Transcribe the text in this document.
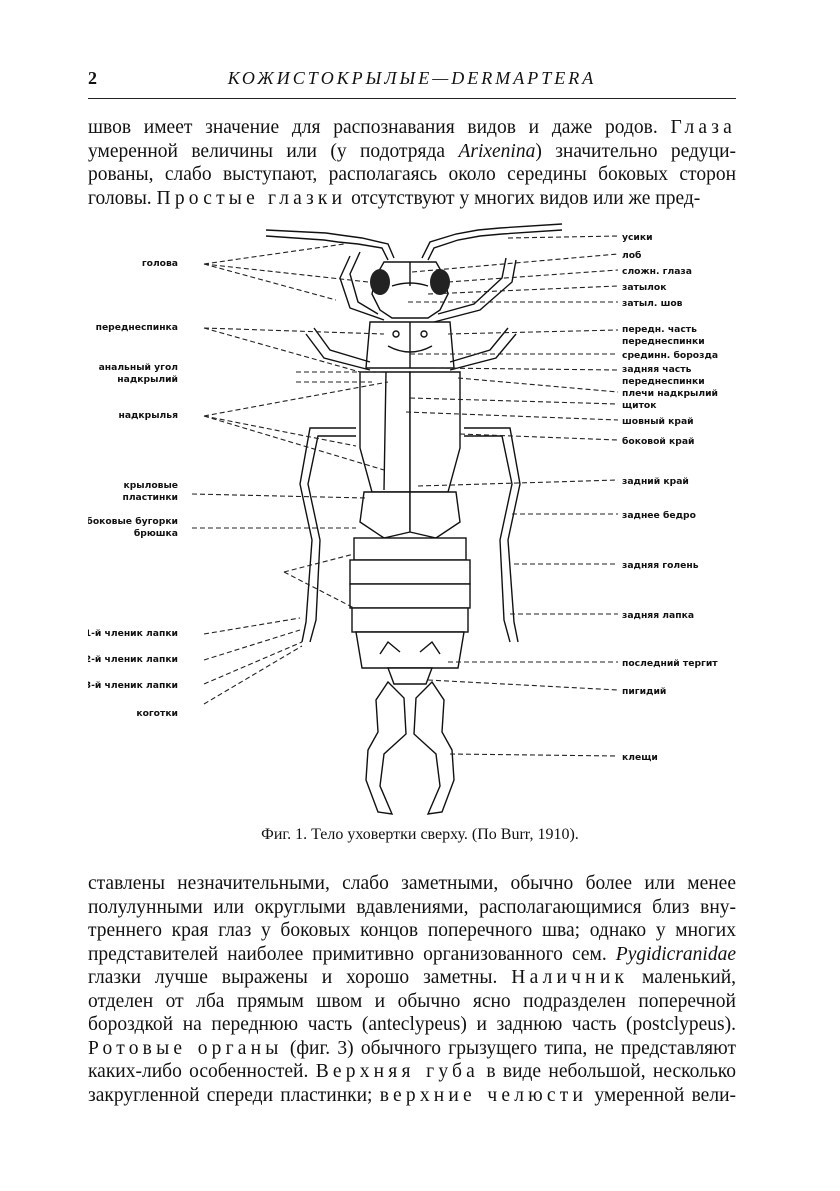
2	КОЖИСТОКРЫЛЫЕ—DERMAPTERA
швов имеет значение для распознавания видов и даже родов. Глаза
умеренной величины или (у подотряда Arixenina) значительно редуци-
рованы, слабо выступают, располагаясь около середины боковых сторон
головы. Простые глазки отсутствуют у многих видов или же пред-
голова
переднеспинка
анальный угол
надкрылий
надкрылья
крыловые
пластинки
боковые бугорки
брюшка
1-й членик лапки
2-й членик лапки
3-й членик лапки
коготки
усики
лоб
сложн. глаза
затылок
затыл. шов
передн. часть
переднеспинки
срединн. борозда
задняя часть
переднеспинки
плечи надкрылий
щиток
шовный край
боковой край
задний край
заднее бедро
задняя голень
задняя лапка
последний тергит
пигидий
клещи
Фиг. 1. Тело уховертки сверху. (По Burr, 1910).
ставлены незначительными, слабо заметными, обычно более или менее
полулунными или округлыми вдавлениями, располагающимися близ вну-
треннего края глаз у боковых концов поперечного шва; однако у многих
представителей наиболее примитивно организованного сем. Pygidicranidae
глазки лучше выражены и хорошо заметны. Наличник маленький,
отделен от лба прямым швом и обычно ясно подразделен поперечной
бороздкой на переднюю часть (anteclypeus) и заднюю часть (postclypeus).
Ротовые органы (фиг. 3) обычного грызущего типа, не представляют
каких-либо особенностей. Верхняя губа в виде небольшой, несколько
закругленной спереди пластинки; верхние челюсти умеренной вели-
